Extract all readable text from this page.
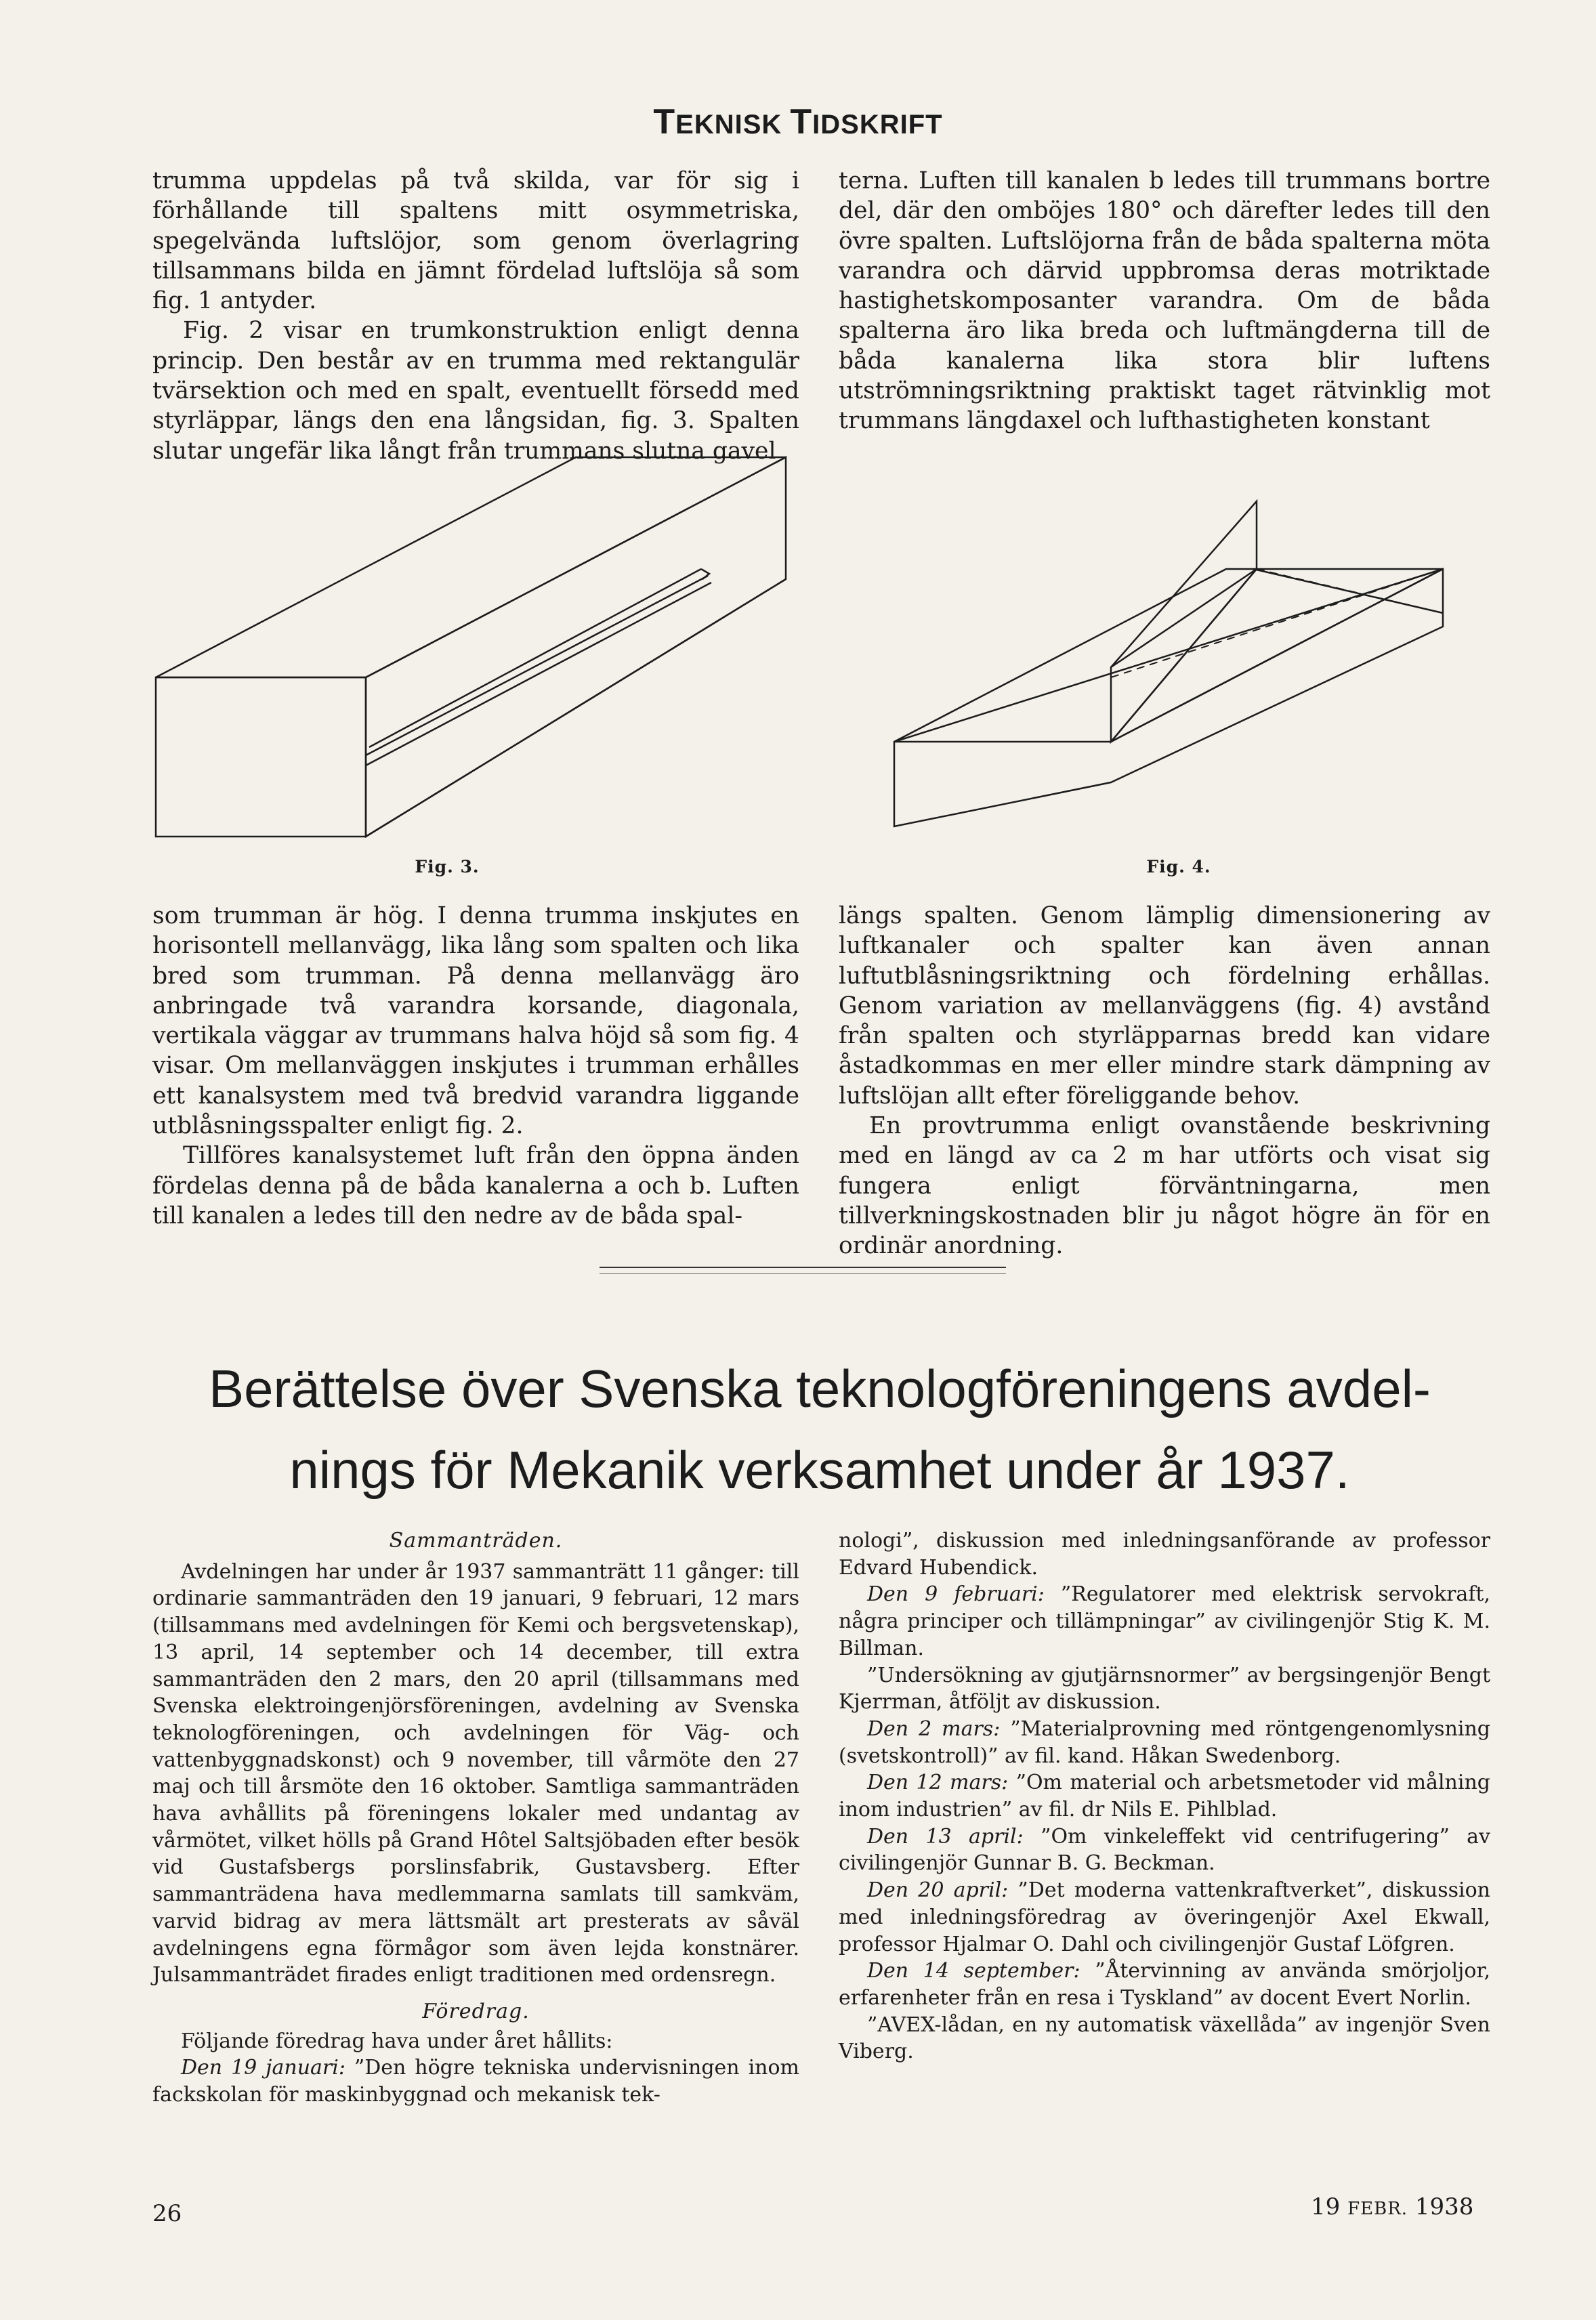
TEKNISK TIDSKRIFT

trumma uppdelas på två skilda, var för sig i förhållande till spaltens mitt osymmetriska, spegelvända luftslöjor, som genom överlagring tillsammans bilda en jämnt fördelad luftslöja så som fig. 1 antyder.

Fig. 2 visar en trumkonstruktion enligt denna princip. Den består av en trumma med rektangulär tvärsektion och med en spalt, eventuellt försedd med styrläppar, längs den ena långsidan, fig. 3. Spalten slutar ungefär lika långt från trummans slutna gavel

terna. Luften till kanalen b ledes till trummans bortre del, där den omböjes 180° och därefter ledes till den övre spalten. Luftslöjorna från de båda spalterna möta varandra och därvid uppbromsa deras motriktade hastighetskomposanter varandra. Om de båda spalterna äro lika breda och luftmängderna till de båda kanalerna lika stora blir luftens utströmningsriktning praktiskt taget rätvinklig mot trummans längdaxel och lufthastigheten konstant

Fig. 3.	Fig. 4.

som trumman är hög. I denna trumma inskjutes en horisontell mellanvägg, lika lång som spalten och lika bred som trumman. På denna mellanvägg äro anbringade två varandra korsande, diagonala, vertikala väggar av trummans halva höjd så som fig. 4 visar. Om mellanväggen inskjutes i trumman erhålles ett kanalsystem med två bredvid varandra liggande utblåsningsspalter enligt fig. 2.

Tillföres kanalsystemet luft från den öppna änden fördelas denna på de båda kanalerna a och b. Luften till kanalen a ledes till den nedre av de båda spal-

längs spalten. Genom lämplig dimensionering av luftkanaler och spalter kan även annan luftutblåsningsriktning och fördelning erhållas. Genom variation av mellanväggens (fig. 4) avstånd från spalten och styrläpparnas bredd kan vidare åstadkommas en mer eller mindre stark dämpning av luftslöjan allt efter föreliggande behov.

En provtrumma enligt ovanstående beskrivning med en längd av ca 2 m har utförts och visat sig fungera enligt förväntningarna, men tillverkningskostnaden blir ju något högre än för en ordinär anordning.

Berättelse över Svenska teknologföreningens avdel-
nings för Mekanik verksamhet under år 1937.
Sammanträden.

Avdelningen har under år 1937 sammanträtt 11 gånger: till ordinarie sammanträden den 19 januari, 9 februari, 12 mars (tillsammans med avdelningen för Kemi och bergsvetenskap), 13 april, 14 september och 14 december, till extra sammanträden den 2 mars, den 20 april (tillsammans med Svenska elektroingenjörsföreningen, avdelning av Svenska teknologföreningen, och avdelningen för Väg- och vattenbyggnadskonst) och 9 november, till vårmöte den 27 maj och till årsmöte den 16 oktober. Samtliga sammanträden hava avhållits på föreningens lokaler med undantag av vårmötet, vilket hölls på Grand Hôtel Saltsjöbaden efter besök vid Gustafsbergs porslinsfabrik, Gustavsberg. Efter sammanträdena hava medlemmarna samlats till samkväm, varvid bidrag av mera lättsmält art presterats av såväl avdelningens egna förmågor som även lejda konstnärer. Julsammanträdet firades enligt traditionen med ordensregn.

Föredrag.

Följande föredrag hava under året hållits:

Den 19 januari: ”Den högre tekniska undervisningen inom fackskolan för maskinbyggnad och mekanisk tek-

nologi”, diskussion med inledningsanförande av professor Edvard Hubendick.

Den 9 februari: ”Regulatorer med elektrisk servokraft, några principer och tillämpningar” av civilingenjör Stig K. M. Billman.

”Undersökning av gjutjärnsnormer” av bergsingenjör Bengt Kjerrman, åtföljt av diskussion.

Den 2 mars: ”Materialprovning med röntgengenomlysning (svetskontroll)” av fil. kand. Håkan Swedenborg.

Den 12 mars: ”Om material och arbetsmetoder vid målning inom industrien” av fil. dr Nils E. Pihlblad.

Den 13 april: ”Om vinkeleffekt vid centrifugering” av civilingenjör Gunnar B. G. Beckman.

Den 20 april: ”Det moderna vattenkraftverket”, diskussion med inledningsföredrag av överingenjör Axel Ekwall, professor Hjalmar O. Dahl och civilingenjör Gustaf Löfgren.

Den 14 september: ”Återvinning av använda smörjoljor, erfarenheter från en resa i Tyskland” av docent Evert Norlin.

”AVEX-lådan, en ny automatisk växellåda” av ingenjör Sven Viberg.

26	19 FEBR. 1938
